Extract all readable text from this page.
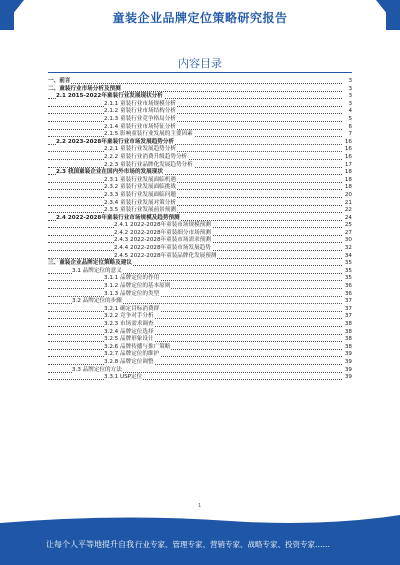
童装企业品牌定位策略研究报告
内容目录
一、前言	3
二、童装行业市场分析及预测	3
2.1 2015-2022年童装行业发展现状分析	3
2.1.1 童装行业市场规模分析	3
2.1.2 童装行业市场结构分析	4
2.1.3 童装行业竞争格局分析	5
2.1.4 童装行业市场特征分析	6
2.1.5 影响童装行业发展的主要因素	7
2.2 2023-2028年童装行业市场发展趋势分析	16
2.2.1 童装行业发展趋势分析	16
2.2.2 童装行业消费升级趋势分析	16
2.2.3 童装行业品牌化发展趋势分析	17
2.3 我国童装企业在国内外市场的发展现状	18
2.3.1 童装行业发展面临机遇	18
2.3.2 童装行业发展面临挑战	18
2.3.3 童装行业发展面临问题	20
2.3.4 童装行业发展对策分析	21
2.3.5 童装行业发展前景预测	22
2.4 2022-2028年童装行业市场规模及趋势预测	24
2.4.1 2022-2028年童装市场规模预测	25
2.4.2 2022-2028年童装细分市场预测	27
2.4.3 2022-2028年童装市场需求预测	30
2.4.4 2022-2028年童装市场发展趋势	32
2.4.5 2022-2028年童装品牌化发展预测	34
三、童装企业品牌定位策略及建议	35
3.1 品牌定位的意义	35
3.1.1 品牌定位的作用	35
3.1.2 品牌定位的基本原则	36
3.1.3 品牌定位的类型	36
3.2 品牌定位的步骤	37
3.2.1 确定目标消费群	37
3.2.2 竞争对手分析	37
3.2.3 市场需求调查	38
3.2.4 品牌定位选择	38
3.2.5 品牌形象设计	38
3.2.6 品牌传播与推广策略	38
3.2.7 品牌定位的维护	39
3.2.8 品牌定位调整	39
3.3 品牌定位的方法	39
3.3.1 USP定位	39
1
让每个人平等地提升自我 行业专家、管理专家、营销专家、战略专家、投资专家……
